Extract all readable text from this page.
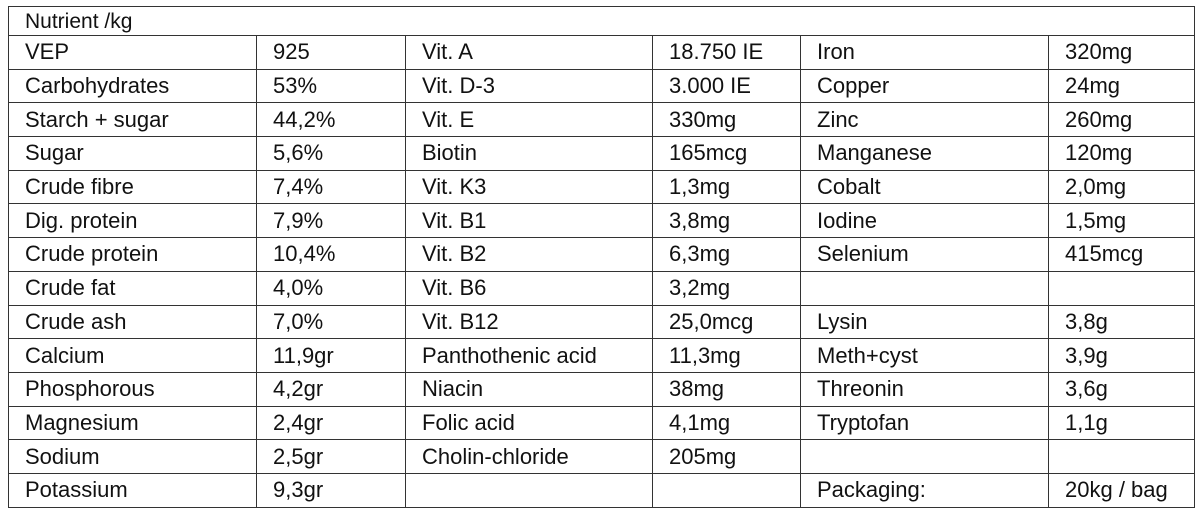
Nutrient /kg					
VEP	925	Vit. A	18.750 IE	Iron	320mg
Carbohydrates	53%	Vit. D-3	3.000 IE	Copper	24mg
Starch + sugar	44,2%	Vit. E	330mg	Zinc	260mg
Sugar	5,6%	Biotin	165mcg	Manganese	120mg
Crude fibre	7,4%	Vit. K3	1,3mg	Cobalt	2,0mg
Dig. protein	7,9%	Vit. B1	3,8mg	Iodine	1,5mg
Crude protein	10,4%	Vit. B2	6,3mg	Selenium	415mcg
Crude fat	4,0%	Vit. B6	3,2mg		
Crude ash	7,0%	Vit. B12	25,0mcg	Lysin	3,8g
Calcium	11,9gr	Panthothenic acid	11,3mg	Meth+cyst	3,9g
Phosphorous	4,2gr	Niacin	38mg	Threonin	3,6g
Magnesium	2,4gr	Folic acid	4,1mg	Tryptofan	1,1g
Sodium	2,5gr	Cholin-chloride	205mg		
Potassium	9,3gr			Packaging:	20kg / bag
